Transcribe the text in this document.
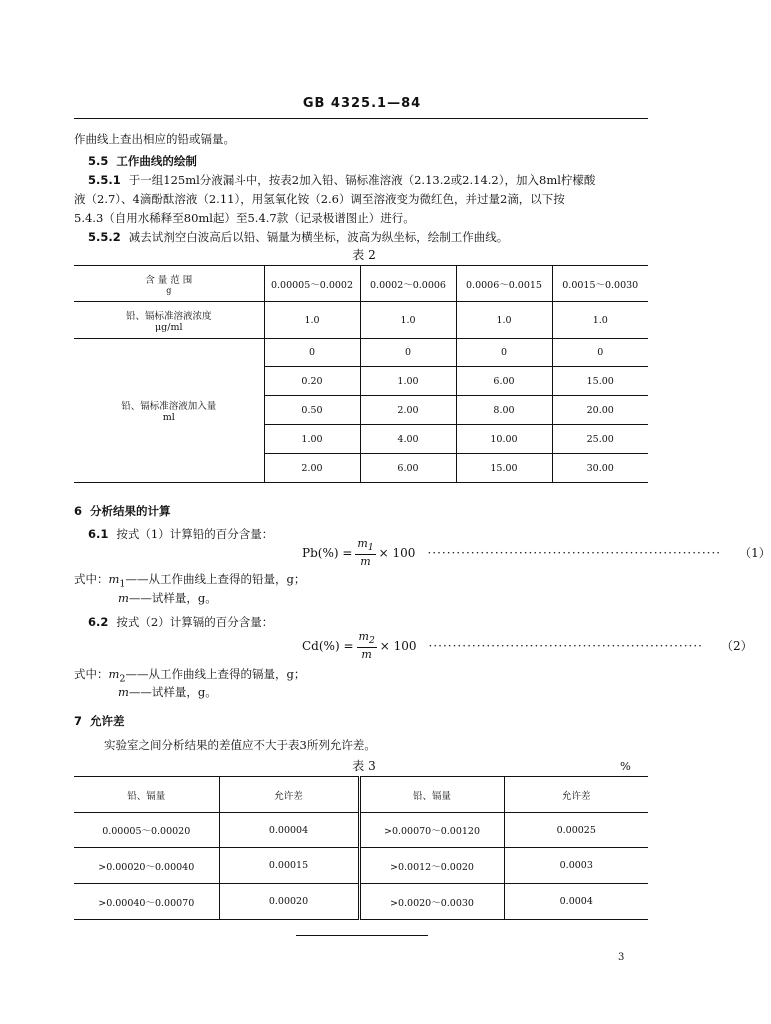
GB 4325.1—84
作曲线上查出相应的铅或镉量。
5.5 工作曲线的绘制
5.5.1 于一组125ml分液漏斗中，按表2加入铅、镉标准溶液（2.13.2或2.14.2），加入8ml柠檬酸
液（2.7）、4滴酚酞溶液（2.11），用氢氧化铵（2.6）调至溶液变为微红色，并过量2滴，以下按
5.4.3（自用水稀释至80ml起）至5.4.7款（记录极谱图止）进行。
5.5.2 减去试剂空白波高后以铅、镉量为横坐标，波高为纵坐标，绘制工作曲线。
表 2
含 量 范 围
g	0.00005～0.0002	0.0002～0.0006	0.0006～0.0015	0.0015～0.0030

铅、镉标准溶液浓度
μg/ml	1.0	1.0	1.0	1.0

铅、镉标准溶液加入量
ml	0	0	0	0
	0.20	1.00	6.00	15.00
	0.50	2.00	8.00	20.00
	1.00	4.00	10.00	25.00
	2.00	6.00	15.00	30.00
6 分析结果的计算
6.1 按式（1）计算铅的百分含量：
$Pb(\%) = \frac{m_1}{m} \times 100$ ····························································· （1）
式中：$m_1——$从工作曲线上查得的铅量，g；
m——试样量，g。
6.2 按式（2）计算镉的百分含量：
$Cd(\%) = \frac{m_2}{m} \times 100$ ························································· （2）
式中：$m_2——$从工作曲线上查得的镉量，g；
m——试样量，g。
7 允许差
实验室之间分析结果的差值应不大于表3所列允许差。
表 3	%
铅、镉量	允许差	铅、镉量	允许差
0.00005～0.00020	0.00004	>0.00070～0.00120	0.00025
>0.00020～0.00040	0.00015	>0.0012～0.0020	0.0003
>0.00040～0.00070	0.00020	>0.0020～0.0030	0.0004
3
